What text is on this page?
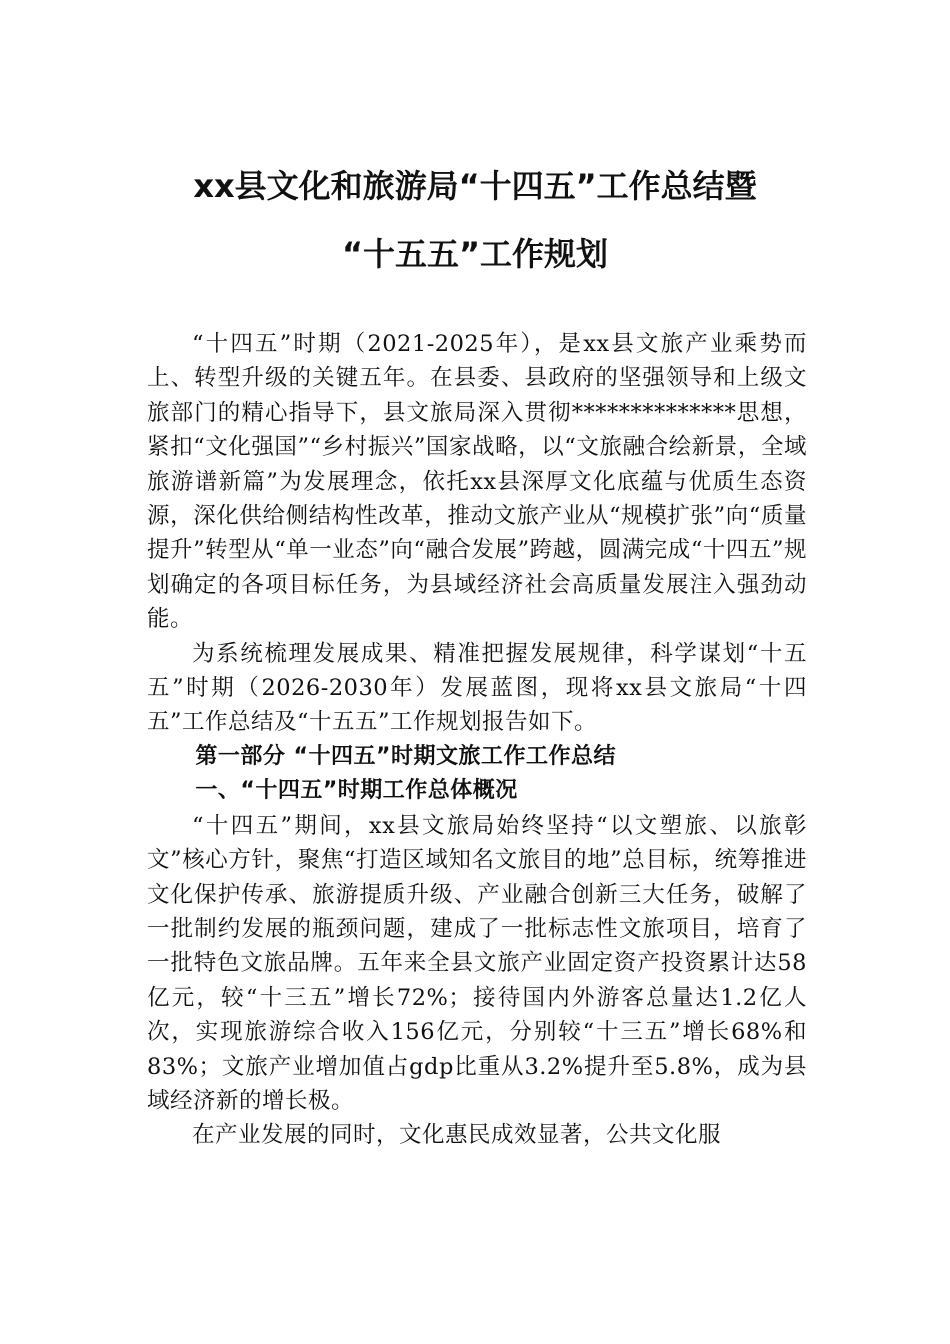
xx县文化和旅游局“十四五”工作总结暨
“十五五”工作规划

“十四五”时期（2021-2025年），是xx县文旅产业乘势而上、转型升级的关键五年。在县委、县政府的坚强领导和上级文旅部门的精心指导下，县文旅局深入贯彻**************思想，紧扣“文化强国”“乡村振兴”国家战略，以“文旅融合绘新景，全域旅游谱新篇”为发展理念，依托xx县深厚文化底蕴与优质生态资源，深化供给侧结构性改革，推动文旅产业从“规模扩张”向“质量提升”转型从“单一业态”向“融合发展”跨越，圆满完成“十四五”规划确定的各项目标任务，为县域经济社会高质量发展注入强劲动能。

为系统梳理发展成果、精准把握发展规律，科学谋划“十五五”时期（2026-2030年）发展蓝图，现将xx县文旅局“十四五”工作总结及“十五五”工作规划报告如下。

第一部分 “十四五”时期文旅工作工作总结
一、“十四五”时期工作总体概况

“十四五”期间，xx县文旅局始终坚持“以文塑旅、以旅彰文”核心方针，聚焦“打造区域知名文旅目的地”总目标，统筹推进文化保护传承、旅游提质升级、产业融合创新三大任务，破解了一批制约发展的瓶颈问题，建成了一批标志性文旅项目，培育了一批特色文旅品牌。五年来全县文旅产业固定资产投资累计达58亿元，较“十三五”增长72%；接待国内外游客总量达1.2亿人次，实现旅游综合收入156亿元，分别较“十三五”增长68%和83%；文旅产业增加值占gdp比重从3.2%提升至5.8%，成为县域经济新的增长极。

在产业发展的同时，文化惠民成效显著，公共文化服
